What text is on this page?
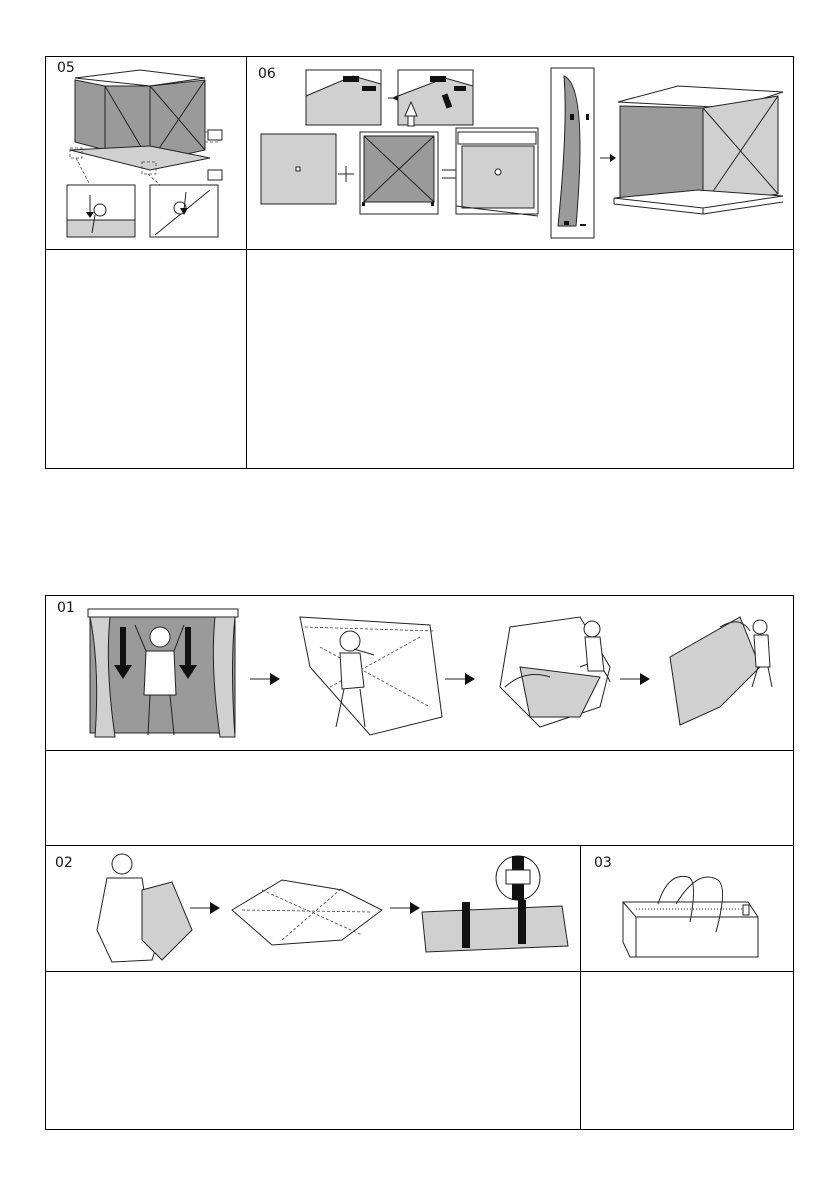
05	06
01
02	03
